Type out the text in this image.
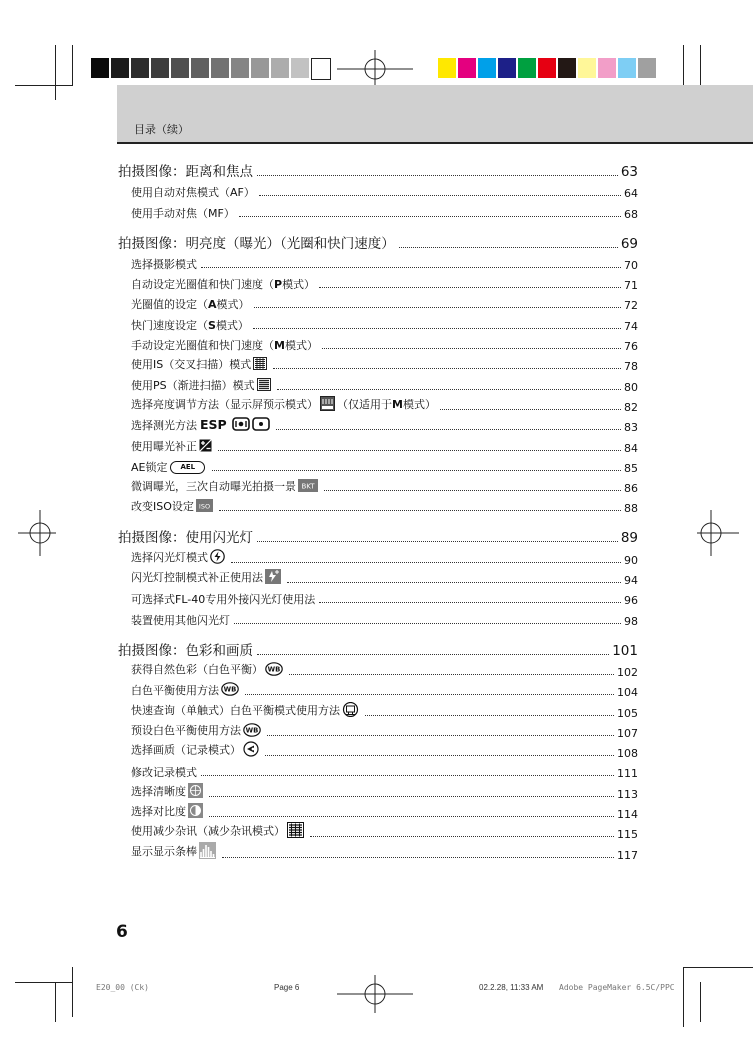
目录（续）
拍摄图像：距离和焦点	63
使用自动对焦模式（AF）	64
使用手动对焦（MF）	68
拍摄图像：明亮度（曝光）（光圈和快门速度）	69
选择摄影模式	70
自动设定光圈值和快门速度（P模式）	71
光圈值的设定（A模式）	72
快门速度设定（S模式）	74
手动设定光圈值和快门速度（M模式）	76
使用IS（交叉扫描）模式	78
使用PS（渐进扫描）模式	80
选择亮度调节方法（显示屏预示模式） （仅适用于M模式）	82
选择测光方法 ESP	83
使用曝光补正	84
AE锁定 AEL	85
微调曝光，三次自动曝光拍摄一景 BKT	86
改变ISO设定 ISO	88
拍摄图像：使用闪光灯	89
选择闪光灯模式	90
闪光灯控制模式补正使用法	94
可选择式FL-40专用外接闪光灯使用法	96
装置使用其他闪光灯	98
拍摄图像：色彩和画质	101
获得自然色彩（白色平衡） WB	102
白色平衡使用方法 WB	104
快速查询（单触式）白色平衡模式使用方法	105
预设白色平衡使用方法 WB	107
选择画质（记录模式）	108
修改记录模式	111
选择清晰度	113
选择对比度	114
使用减少杂讯（减少杂讯模式）	115
显示显示条棒	117
6
E20_00 (Ck)	Page 6	02.2.28, 11:33 AM Adobe PageMaker 6.5C/PPC
